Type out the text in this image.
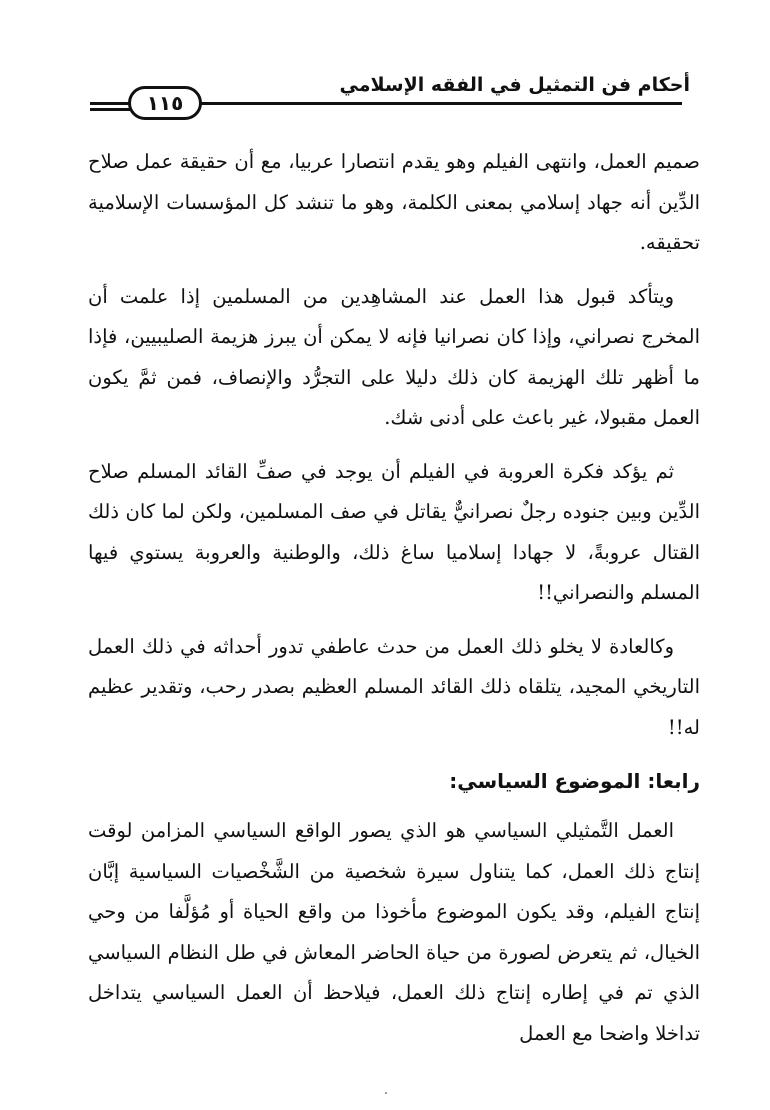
أحكام فن التمثيل في الفقه الإسلامي
١١٥

صميم العمل، وانتهى الفيلم وهو يقدم انتصارا عربيا، مع أن حقيقة عمل صلاح الدِّين أنه جهاد إسلامي بمعنى الكلمة، وهو ما تنشد كل المؤسسات الإسلامية تحقيقه.

ويتأكد قبول هذا العمل عند المشاهِدين من المسلمين إذا علمت أن المخرج نصراني، وإذا كان نصرانيا فإنه لا يمكن أن يبرز هزيمة الصليبيين، فإذا ما أظهر تلك الهزيمة كان ذلك دليلا على التجرُّد والإنصاف، فمن ثمَّ يكون العمل مقبولا، غير باعث على أدنى شك.

ثم يؤكد فكرة العروبة في الفيلم أن يوجد في صفِّ القائد المسلم صلاح الدِّين وبين جنوده رجلٌ نصرانيٌّ يقاتل في صف المسلمين، ولكن لما كان ذلك القتال عروبةً، لا جهادا إسلاميا ساغ ذلك، والوطنية والعروبة يستوي فيها المسلم والنصراني!!

وكالعادة لا يخلو ذلك العمل من حدث عاطفي تدور أحداثه في ذلك العمل التاريخي المجيد، يتلقاه ذلك القائد المسلم العظيم بصدر رحب، وتقدير عظيم له!!

رابعا: الموضوع السياسي:

العمل التَّمثيلي السياسي هو الذي يصور الواقع السياسي المزامن لوقت إنتاج ذلك العمل، كما يتناول سيرة شخصية من الشَّخْصيات السياسية إبَّان إنتاج الفيلم، وقد يكون الموضوع مأخوذا من واقع الحياة أو مُؤلَّفا من وحي الخيال، ثم يتعرض لصورة من حياة الحاضر المعاش في طل النظام السياسي الذي تم في إطاره إنتاج ذلك العمل، فيلاحظ أن العمل السياسي يتداخل تداخلا واضحا مع العمل
